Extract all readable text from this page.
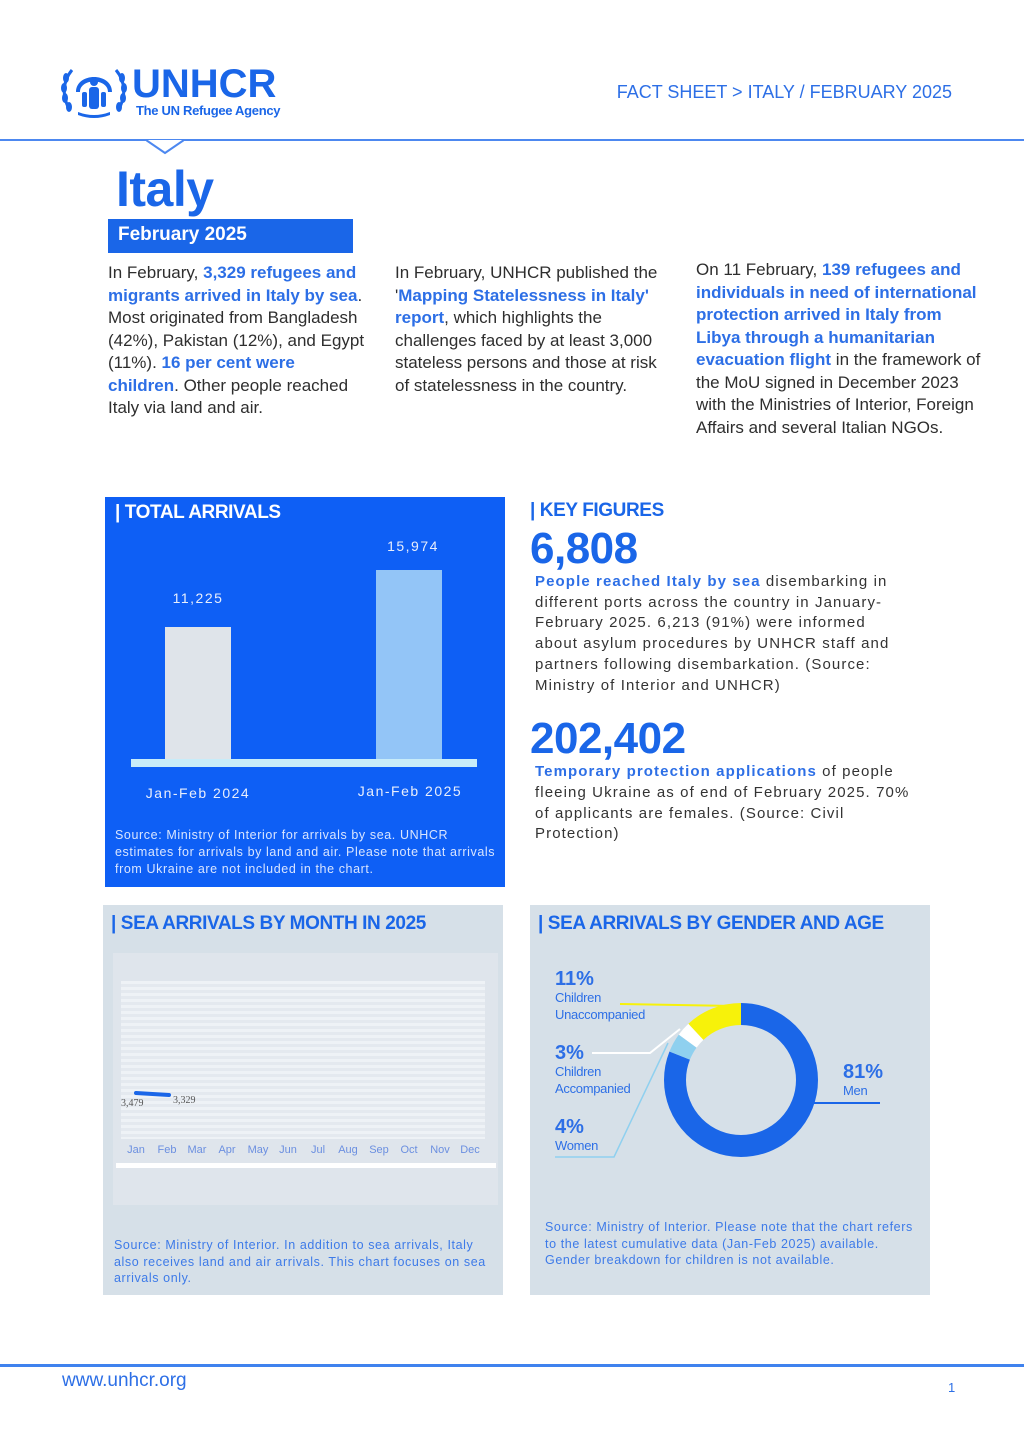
UNHCR
The UN Refugee Agency
FACT SHEET > ITALY / FEBRUARY 2025
Italy
February 2025
In February, 3,329 refugees and migrants arrived in Italy by sea. Most originated from Bangladesh (42%), Pakistan (12%), and Egypt (11%). 16 per cent were children. Other people reached Italy via land and air.
In February, UNHCR published the 'Mapping Statelessness in Italy' report, which highlights the challenges faced by at least 3,000 stateless persons and those at risk of statelessness in the country.
On 11 February, 139 refugees and individuals in need of international protection arrived in Italy from Libya through a humanitarian evacuation flight in the framework of the MoU signed in December 2023 with the Ministries of Interior, Foreign Affairs and several Italian NGOs.
| TOTAL ARRIVALS
11,225
15,974
Jan-Feb 2024	Jan-Feb 2025
Source: Ministry of Interior for arrivals by sea. UNHCR estimates for arrivals by land and air. Please note that arrivals from Ukraine are not included in the chart.
| KEY FIGURES
6,808
People reached Italy by sea disembarking in different ports across the country in January-February 2025. 6,213 (91%) were informed about asylum procedures by UNHCR staff and partners following disembarkation. (Source: Ministry of Interior and UNHCR)
202,402
Temporary protection applications of people fleeing Ukraine as of end of February 2025. 70% of applicants are females. (Source: Civil Protection)
| SEA ARRIVALS BY MONTH IN 2025
3,479	3,329
Jan	Feb	Mar	Apr	May Jun	Jul	Aug	Sep	Oct	Nov Dec
Source: Ministry of Interior. In addition to sea arrivals, Italy also receives land and air arrivals. This chart focuses on sea arrivals only.
| SEA ARRIVALS BY GENDER AND AGE
11%
Children
Unaccompanied
3%
Children
Accompanied
4%
Women
81%
Men
Source: Ministry of Interior. Please note that the chart refers to the latest cumulative data (Jan-Feb 2025) available. Gender breakdown for children is not available.
www.unhcr.org	1
